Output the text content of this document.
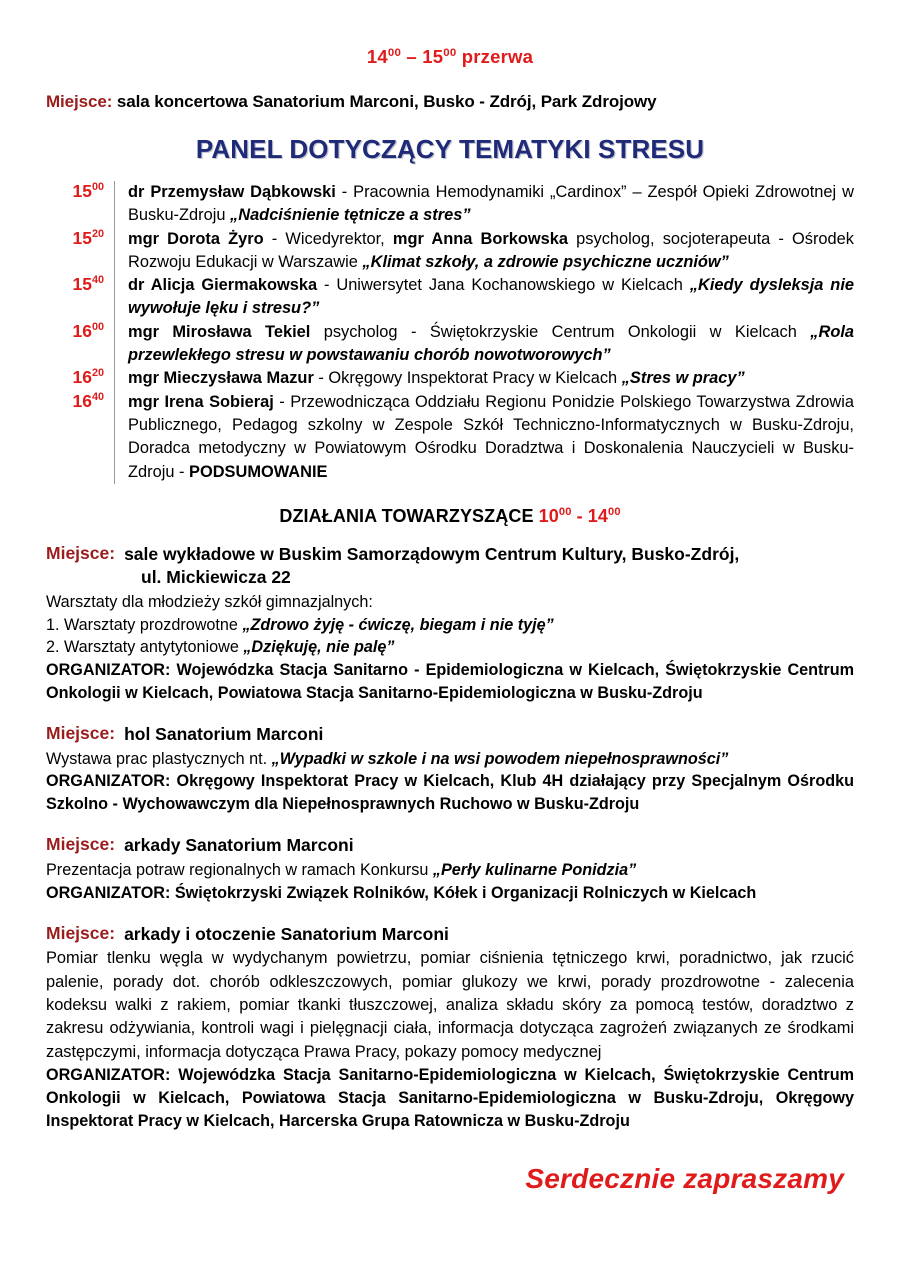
$14^{00} - 15^{00}$ przerwa
Miejsce: sala koncertowa Sanatorium Marconi, Busko - Zdrój, Park Zdrojowy
PANEL DOTYCZĄCY TEMATYKI STRESU
$15^{00}$	dr Przemysław Dąbkowski - Pracownia Hemodynamiki „Cardinox” – Zespół Opieki Zdrowotnej w Busku-Zdroju „Nadciśnienie tętnicze a stres”
$15^{20}$	mgr Dorota Żyro - Wicedyrektor, mgr Anna Borkowska psycholog, socjoterapeuta - Ośrodek Rozwoju Edukacji w Warszawie „Klimat szkoły, a zdrowie psychiczne uczniów”
$15^{40}$	dr Alicja Giermakowska - Uniwersytet Jana Kochanowskiego w Kielcach „Kiedy dysleksja nie wywołuje lęku i stresu?”
$16^{00}$	mgr Mirosława Tekiel psycholog - Świętokrzyskie Centrum Onkologii w Kielcach „Rola przewlekłego stresu w powstawaniu chorób nowotworowych”
$16^{20}$	mgr Mieczysława Mazur - Okręgowy Inspektorat Pracy w Kielcach „Stres w pracy”
$16^{40}$	mgr Irena Sobieraj - Przewodnicząca Oddziału Regionu Ponidzie Polskiego Towarzystwa Zdrowia Publicznego, Pedagog szkolny w Zespole Szkół Techniczno-Informatycznych w Busku-Zdroju, Doradca metodyczny w Powiatowym Ośrodku Doradztwa i Doskonalenia Nauczycieli w Busku-Zdroju - PODSUMOWANIE
DZIAŁANIA TOWARZYSZĄCE $10^{00} - 14^{00}$
Miejsce: sale wykładowe w Buskim Samorządowym Centrum Kultury, Busko-Zdrój,
ul. Mickiewicza 22
Warsztaty dla młodzieży szkół gimnazjalnych:
1. Warsztaty prozdrowotne „Zdrowo żyję - ćwiczę, biegam i nie tyję”
2. Warsztaty antytytoniowe „Dziękuję, nie palę”
ORGANIZATOR: Wojewódzka Stacja Sanitarno - Epidemiologiczna w Kielcach, Świętokrzyskie Centrum Onkologii w Kielcach, Powiatowa Stacja Sanitarno-Epidemiologiczna w Busku-Zdroju
Miejsce: hol Sanatorium Marconi
Wystawa prac plastycznych nt. „Wypadki w szkole i na wsi powodem niepełnosprawności”
ORGANIZATOR: Okręgowy Inspektorat Pracy w Kielcach, Klub 4H działający przy Specjalnym Ośrodku Szkolno - Wychowawczym dla Niepełnosprawnych Ruchowo w Busku-Zdroju
Miejsce: arkady Sanatorium Marconi
Prezentacja potraw regionalnych w ramach Konkursu „Perły kulinarne Ponidzia”
ORGANIZATOR: Świętokrzyski Związek Rolników, Kółek i Organizacji Rolniczych w Kielcach
Miejsce: arkady i otoczenie Sanatorium Marconi
Pomiar tlenku węgla w wydychanym powietrzu, pomiar ciśnienia tętniczego krwi, poradnictwo, jak rzucić palenie, porady dot. chorób odkleszczowych, pomiar glukozy we krwi, porady prozdrowotne - zalecenia kodeksu walki z rakiem, pomiar tkanki tłuszczowej, analiza składu skóry za pomocą testów, doradztwo z zakresu odżywiania, kontroli wagi i pielęgnacji ciała, informacja dotycząca zagrożeń związanych ze środkami zastępczymi, informacja dotycząca Prawa Pracy, pokazy pomocy medycznej
ORGANIZATOR: Wojewódzka Stacja Sanitarno-Epidemiologiczna w Kielcach, Świętokrzyskie Centrum Onkologii w Kielcach, Powiatowa Stacja Sanitarno-Epidemiologiczna w Busku-Zdroju, Okręgowy Inspektorat Pracy w Kielcach, Harcerska Grupa Ratownicza w Busku-Zdroju
Serdecznie zapraszamy
